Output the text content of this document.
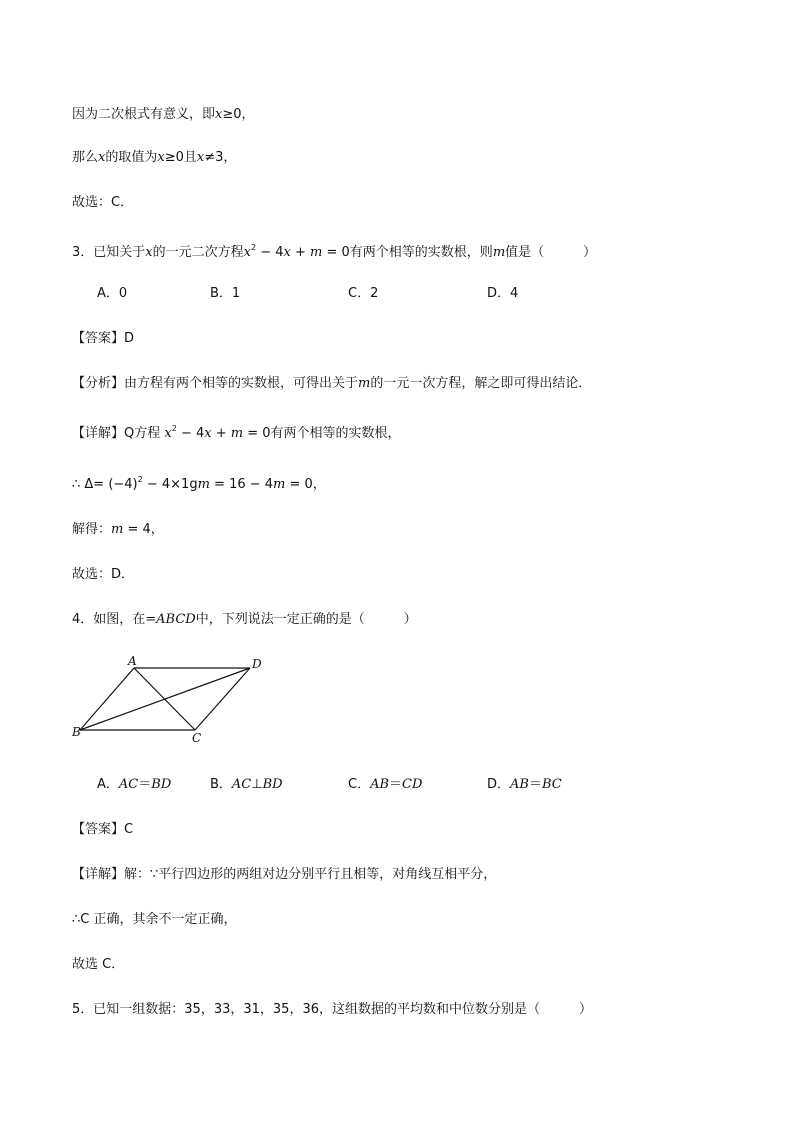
因为二次根式有意义，即x≥0，
那么x的取值为x≥0且x≠3，
故选：C．
3．已知关于x的一元二次方程$x^2 - 4x + m = 0$有两个相等的实数根，则m值是（　　　）
A．0	B．1	C．2	D．4
【答案】D
【分析】由方程有两个相等的实数根，可得出关于m的一元一次方程，解之即可得出结论．
【详解】Q方程 $x^2 - 4x + m = 0$有两个相等的实数根，
∴ $\Delta= (-4)^2 - 4\times 1gm = 16 - 4m = 0$，
解得：m = 4，
故选：D．
4．如图，在=ABCD中，下列说法一定正确的是（　　　）
A	D
B	C
A．AC＝BD	B．AC⊥BD	C．AB＝CD	D．AB＝BC
【答案】C
【详解】解：∵平行四边形的两组对边分别平行且相等，对角线互相平分，
∴C 正确，其余不一定正确，
故选 C．
5．已知一组数据：35，33，31，35，36，这组数据的平均数和中位数分别是（　　　）
